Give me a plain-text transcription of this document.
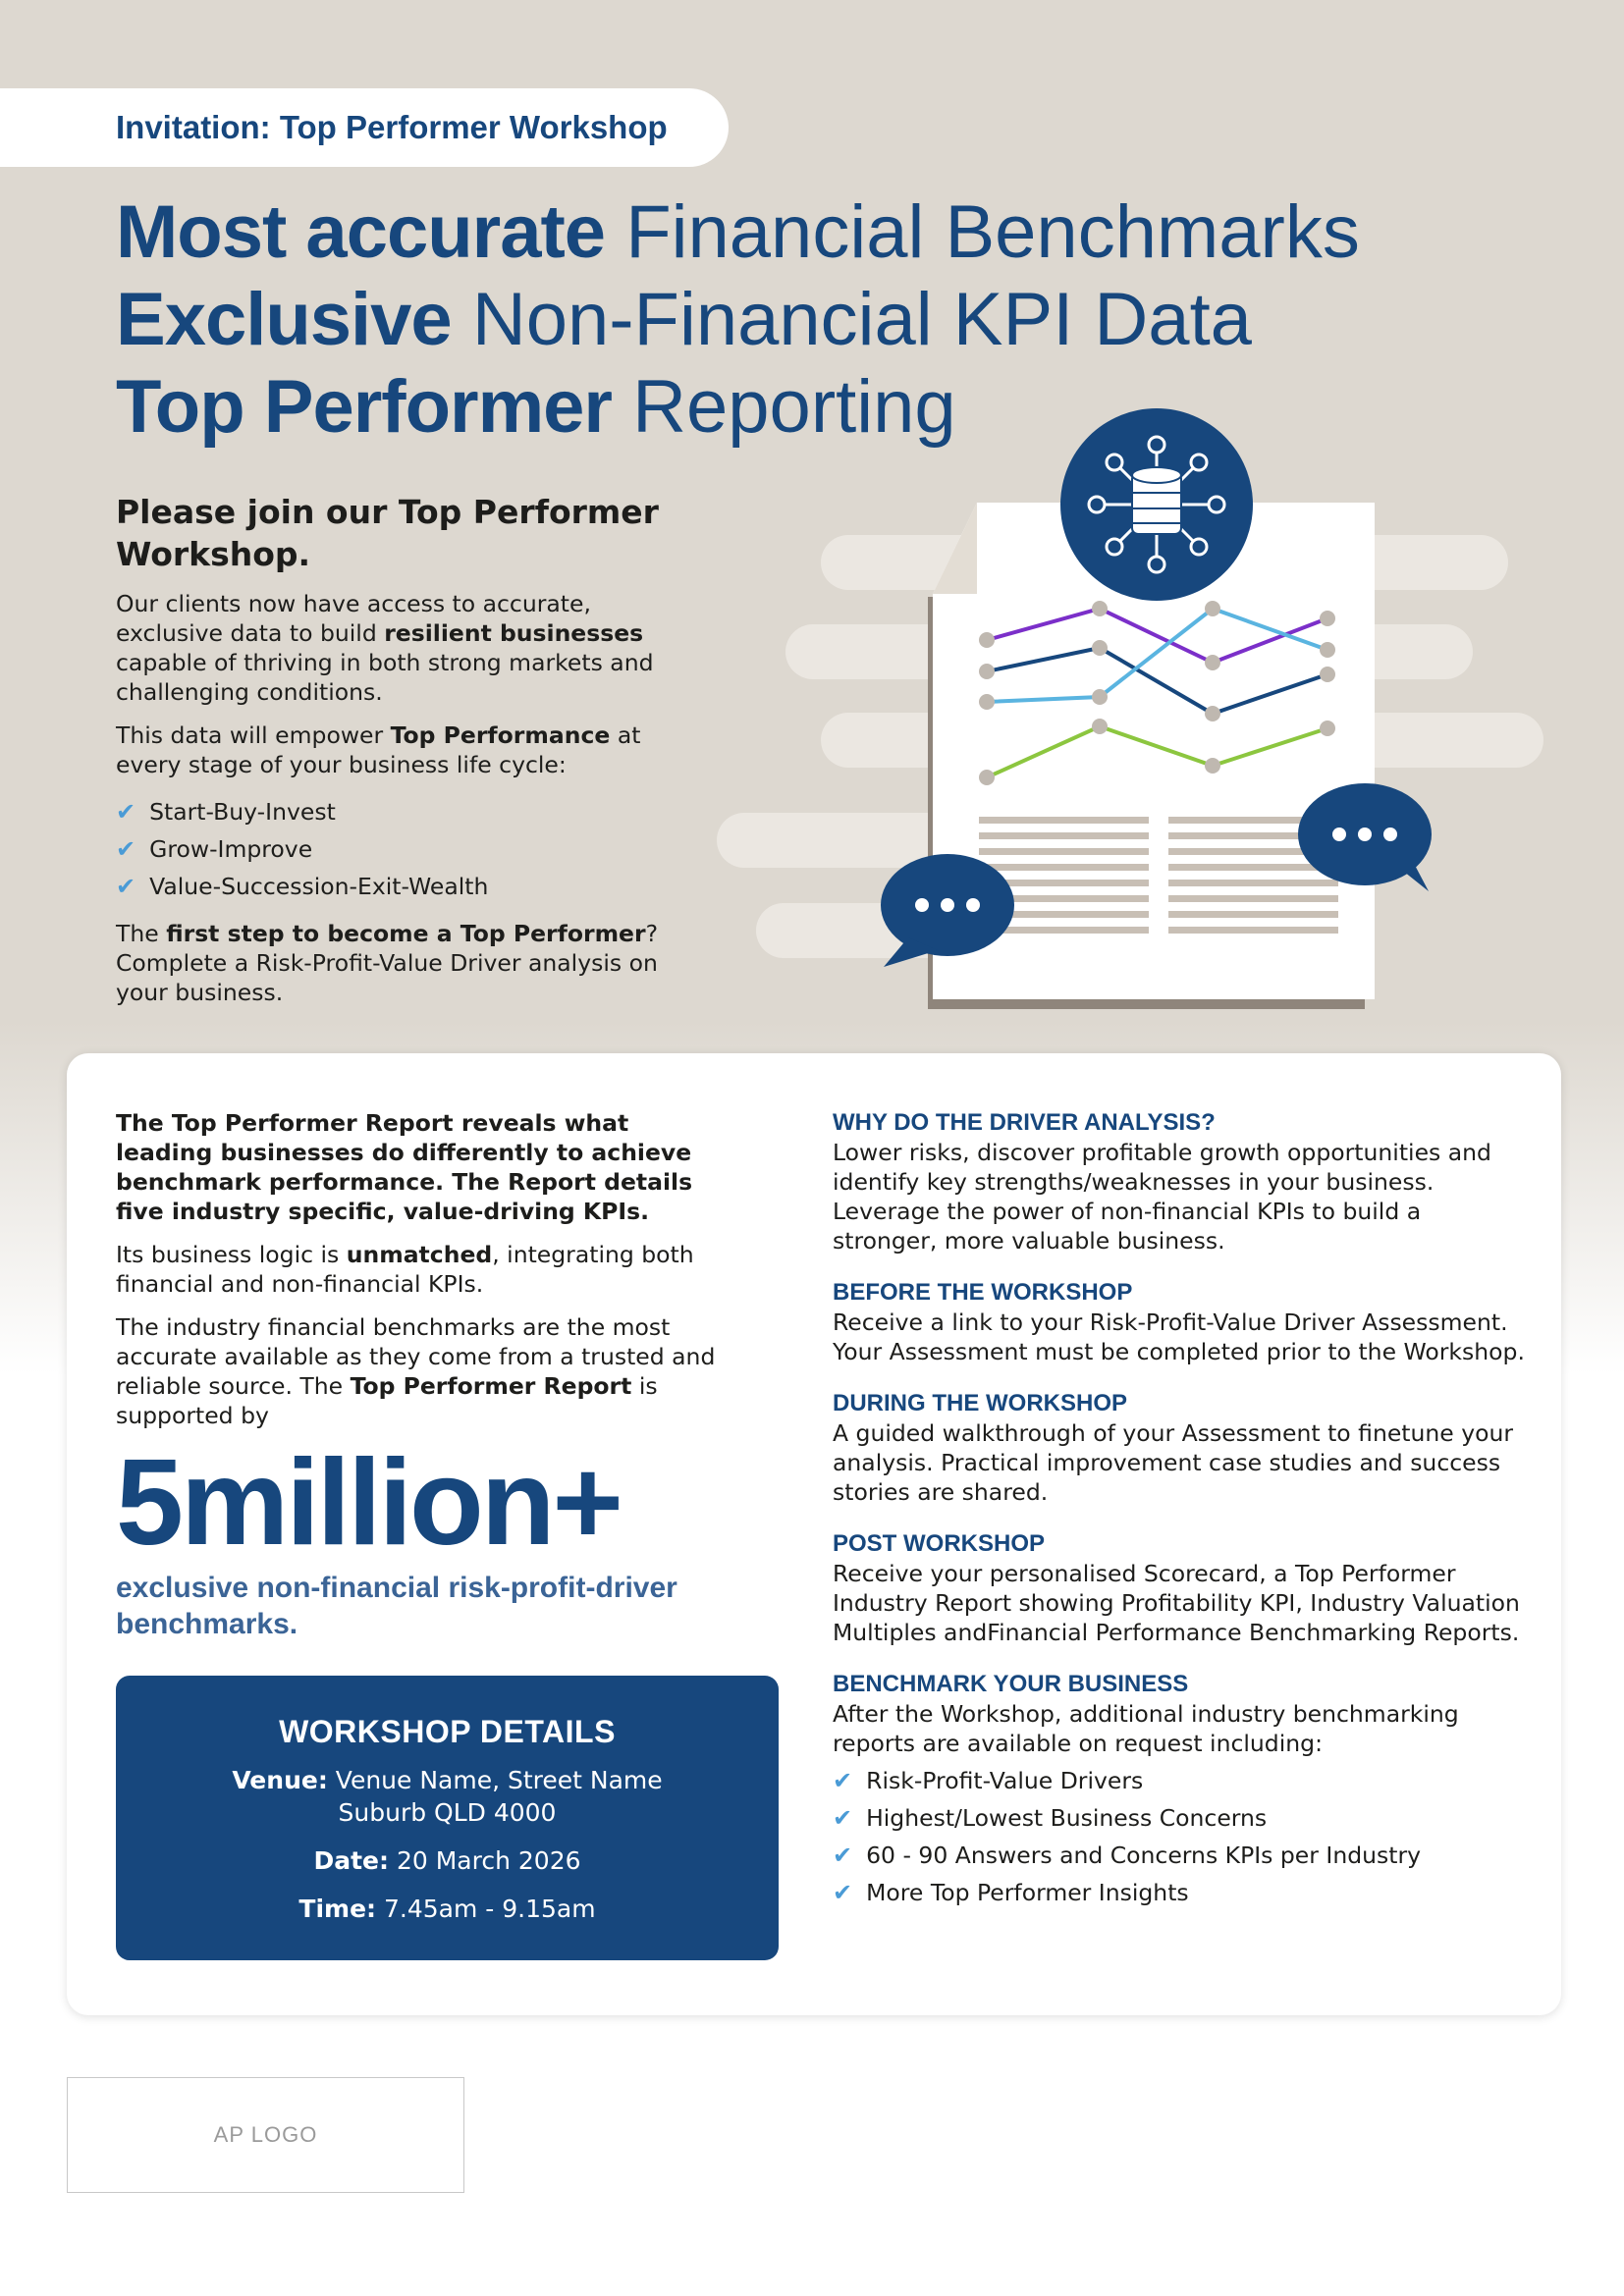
Invitation: Top Performer Workshop
Most accurate Financial Benchmarks
Exclusive Non-Financial KPI Data
Top Performer Reporting
Please join our Top Performer Workshop.

Our clients now have access to accurate, exclusive data to build resilient businesses capable of thriving in both strong markets and challenging conditions.

This data will empower Top Performance at every stage of your business life cycle:

✔ Start-Buy-Invest
✔ Grow-Improve
✔ Value-Succession-Exit-Wealth

The first step to become a Top Performer? Complete a Risk-Profit-Value Driver analysis on your business.

The Top Performer Report reveals what leading businesses do differently to achieve benchmark performance. The Report details five industry specific, value-driving KPIs.

Its business logic is unmatched, integrating both financial and non-financial KPIs.

The industry financial benchmarks are the most accurate available as they come from a trusted and reliable source. The Top Performer Report is supported by

5million+
exclusive non-financial risk-profit-driver benchmarks.
WORKSHOP DETAILS
Venue: Venue Name, Street Name
Suburb QLD 4000
Date: 20 March 2026
Time: 7.45am - 9.15am
WHY DO THE DRIVER ANALYSIS?

Lower risks, discover profitable growth opportunities and identify key strengths/weaknesses in your business. Leverage the power of non-financial KPIs to build a stronger, more valuable business.

BEFORE THE WORKSHOP

Receive a link to your Risk-Profit-Value Driver Assessment. Your Assessment must be completed prior to the Workshop.

DURING THE WORKSHOP

A guided walkthrough of your Assessment to finetune your analysis. Practical improvement case studies and success stories are shared.

POST WORKSHOP

Receive your personalised Scorecard, a Top Performer Industry Report showing Profitability KPI, Industry Valuation Multiples andFinancial Performance Benchmarking Reports.

BENCHMARK YOUR BUSINESS

After the Workshop, additional industry benchmarking reports are available on request including:

✔ Risk-Profit-Value Drivers
✔ Highest/Lowest Business Concerns
✔ 60 - 90 Answers and Concerns KPIs per Industry
✔ More Top Performer Insights
AP LOGO
